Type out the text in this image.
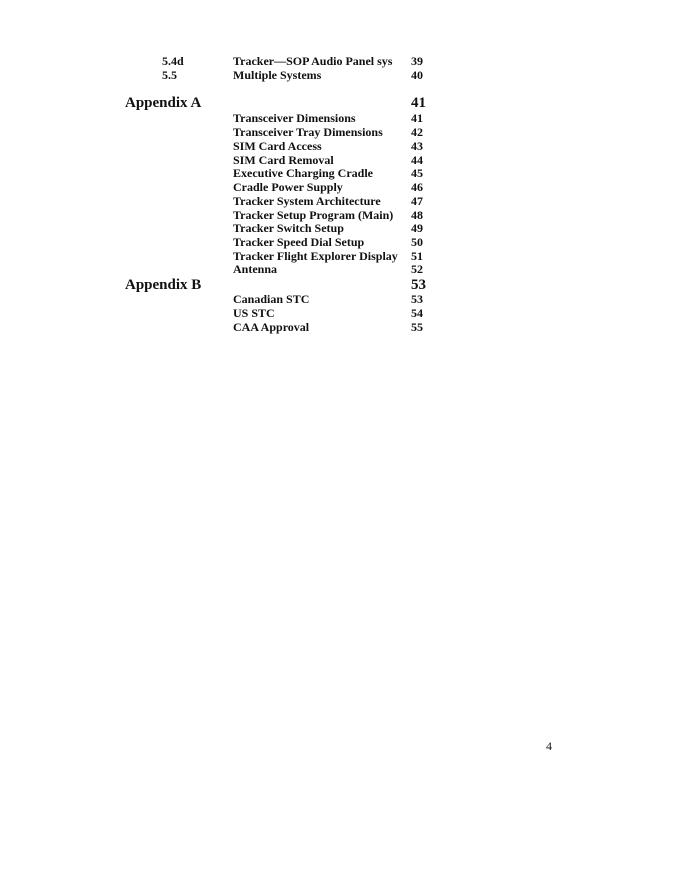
5.4d	Tracker—SOP Audio Panel sys 39
5.5	Multiple Systems	40
Appendix A	41
Transceiver Dimensions	41
Transceiver Tray Dimensions 42
SIM Card Access	43
SIM Card Removal	44
Executive Charging Cradle	45
Cradle Power Supply	46
Tracker System Architecture	47
Tracker Setup Program (Main) 48
Tracker Switch Setup	49
Tracker Speed Dial Setup	50
Tracker Flight Explorer Display 51
Antenna	52
Appendix B	53
Canadian STC	53
US STC	54
CAA Approval	55
4
